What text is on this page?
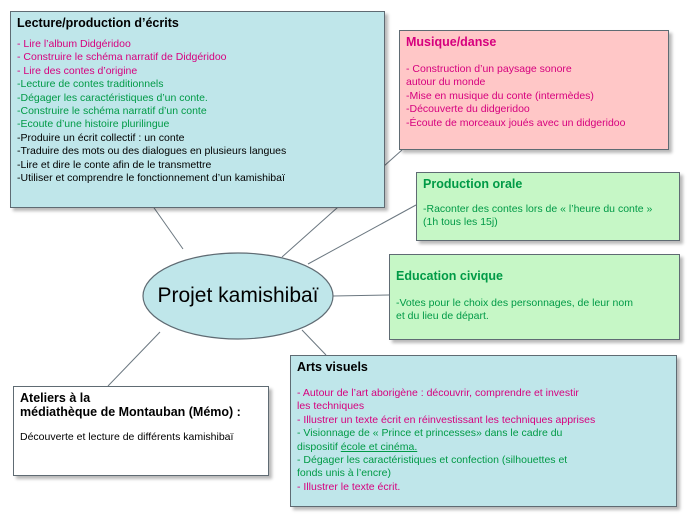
Projet kamishibaï
Lecture/production d’écrits
- Lire l’album Didgéridoo
- Construire le schéma narratif de Didgéridoo
- Lire des contes d’origine
-Lecture de contes traditionnels
-Dégager les caractéristiques d’un conte.
-Construire le schéma narratif d’un conte
-Ecoute d’une histoire plurilingue
-Produire un écrit collectif : un conte
-Traduire des mots ou des dialogues en plusieurs langues
-Lire et dire le conte afin de le transmettre
-Utiliser et comprendre le fonctionnement d’un kamishibaï
Musique/danse
- Construction d’un paysage sonore
autour du monde
-Mise en musique du conte (intermèdes)
-Découverte du didgeridoo
-Écoute de morceaux joués avec un didgeridoo
Production orale
-Raconter des contes lors de « l’heure du conte »
(1h tous les 15j)
Education civique
-Votes pour le choix des personnages, de leur nom
et du lieu de départ.
Arts visuels
- Autour de l’art aborigène : découvrir, comprendre et investir
les techniques
- Illustrer un texte écrit en réinvestissant les techniques apprises
- Visionnage de « Prince et princesses» dans le cadre du
dispositif école et cinéma.
- Dégager les caractéristiques et confection (silhouettes et
fonds unis à l’encre)
- Illustrer le texte écrit.
Ateliers à la
médiathèque de Montauban (Mémo) :
Découverte et lecture de différents kamishibaï
